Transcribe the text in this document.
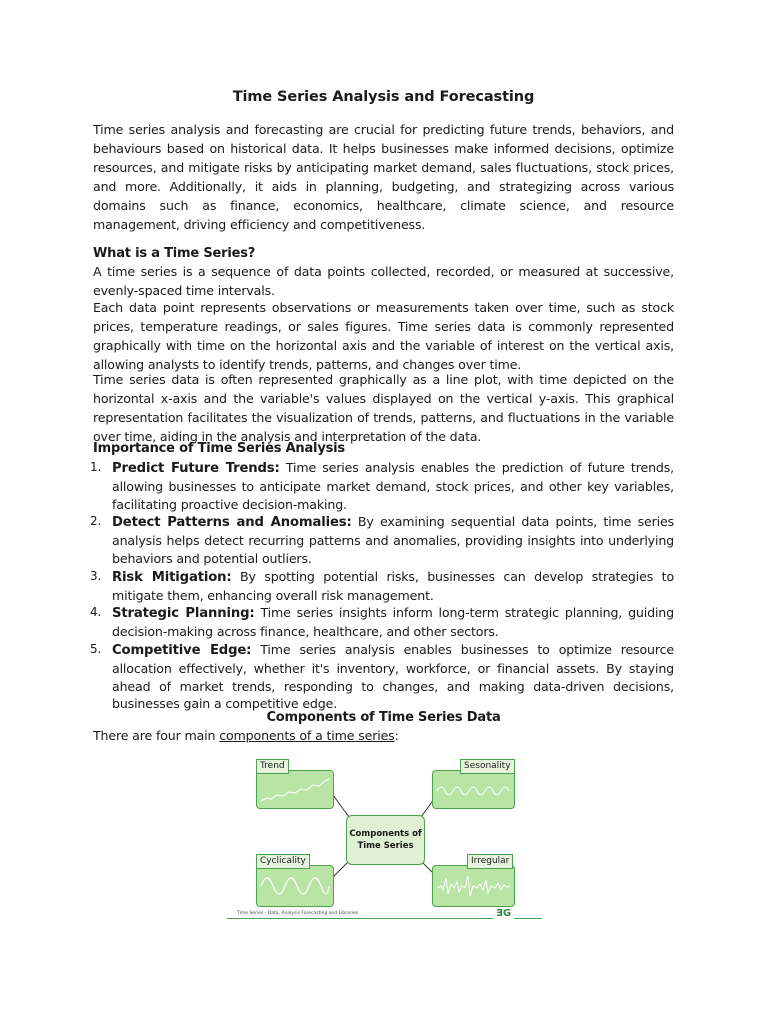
Time Series Analysis and Forecasting

Time series analysis and forecasting are crucial for predicting future trends, behaviors, and behaviours based on historical data. It helps businesses make informed decisions, optimize resources, and mitigate risks by anticipating market demand, sales fluctuations, stock prices, and more. Additionally, it aids in planning, budgeting, and strategizing across various domains such as finance, economics, healthcare, climate science, and resource management, driving efficiency and competitiveness.

What is a Time Series?

A time series is a sequence of data points collected, recorded, or measured at successive, evenly-spaced time intervals.

Each data point represents observations or measurements taken over time, such as stock prices, temperature readings, or sales figures. Time series data is commonly represented graphically with time on the horizontal axis and the variable of interest on the vertical axis, allowing analysts to identify trends, patterns, and changes over time.

Time series data is often represented graphically as a line plot, with time depicted on the horizontal x-axis and the variable's values displayed on the vertical y-axis. This graphical representation facilitates the visualization of trends, patterns, and fluctuations in the variable over time, aiding in the analysis and interpretation of the data.

Importance of Time Series Analysis
1. Predict Future Trends: Time series analysis enables the prediction of future trends, allowing businesses to anticipate market demand, stock prices, and other key variables, facilitating proactive decision-making.
2. Detect Patterns and Anomalies: By examining sequential data points, time series analysis helps detect recurring patterns and anomalies, providing insights into underlying behaviors and potential outliers.
3. Risk Mitigation: By spotting potential risks, businesses can develop strategies to mitigate them, enhancing overall risk management.
4. Strategic Planning: Time series insights inform long-term strategic planning, guiding decision-making across finance, healthcare, and other sectors.
5. Competitive Edge: Time series analysis enables businesses to optimize resource allocation effectively, whether it's inventory, workforce, or financial assets. By staying ahead of market trends, responding to changes, and making data-driven decisions, businesses gain a competitive edge.
Components of Time Series Data

There are four main components of a time series:

Trend	Sesonality
Components of
Time Series
Cyclicality	Irregular
Time Series - Data, Analysis Forecasting and Libraries	ƎG
